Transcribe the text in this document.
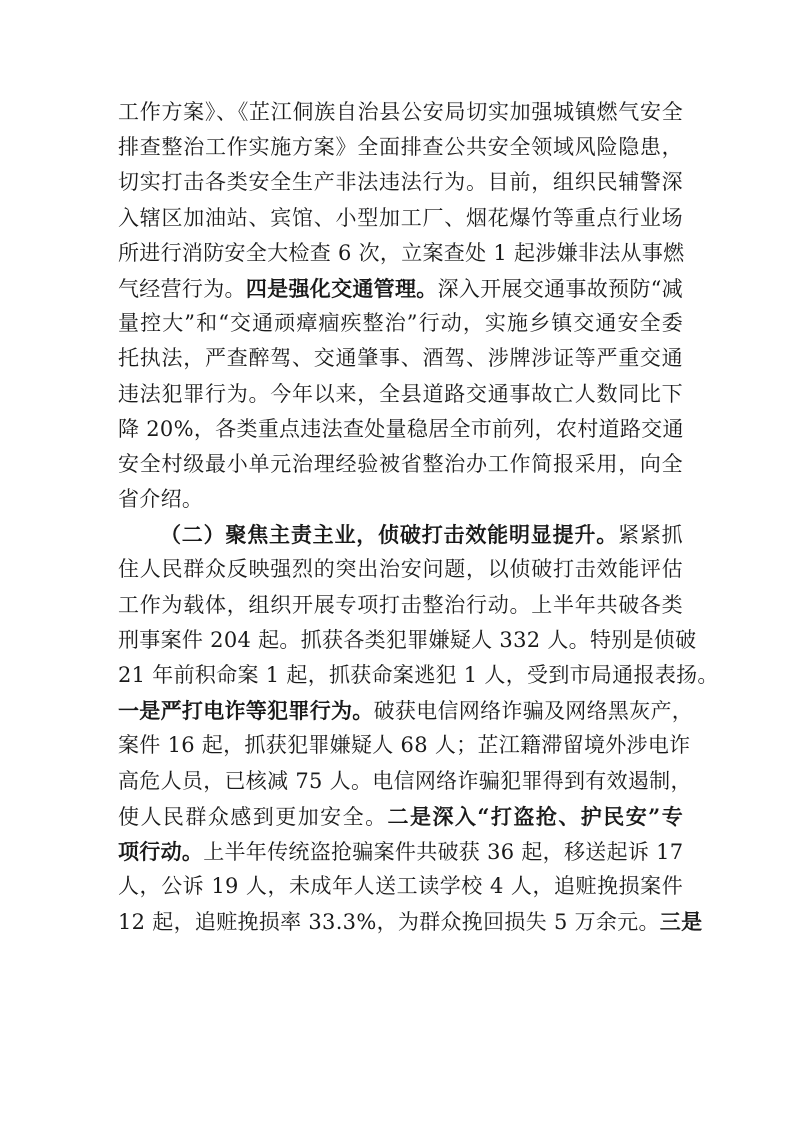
工作方案》、《芷江侗族自治县公安局切实加强城镇燃气安全
排查整治工作实施方案》全面排查公共安全领域风险隐患，
切实打击各类安全生产非法违法行为。目前，组织民辅警深
入辖区加油站、宾馆、小型加工厂、烟花爆竹等重点行业场
所进行消防安全大检查 6 次，立案查处 1 起涉嫌非法从事燃
气经营行为。四是强化交通管理。深入开展交通事故预防“减
量控大”和“交通顽瘴痼疾整治”行动，实施乡镇交通安全委
托执法，严查醉驾、交通肇事、酒驾、涉牌涉证等严重交通
违法犯罪行为。今年以来，全县道路交通事故亡人数同比下
降 20%，各类重点违法查处量稳居全市前列，农村道路交通
安全村级最小单元治理经验被省整治办工作简报采用，向全
省介绍。
（二）聚焦主责主业，侦破打击效能明显提升。紧紧抓
住人民群众反映强烈的突出治安问题，以侦破打击效能评估
工作为载体，组织开展专项打击整治行动。上半年共破各类
刑事案件 204 起。抓获各类犯罪嫌疑人 332 人。特别是侦破
21 年前积命案 1 起，抓获命案逃犯 1 人，受到市局通报表扬。
一是严打电诈等犯罪行为。破获电信网络诈骗及网络黑灰产，
案件 16 起，抓获犯罪嫌疑人 68 人；芷江籍滞留境外涉电诈
高危人员，已核减 75 人。电信网络诈骗犯罪得到有效遏制，
使人民群众感到更加安全。二是深入“打盗抢、护民安”专
项行动。上半年传统盗抢骗案件共破获 36 起，移送起诉 17
人，公诉 19 人，未成年人送工读学校 4 人，追赃挽损案件
12 起，追赃挽损率 33.3%，为群众挽回损失 5 万余元。三是
